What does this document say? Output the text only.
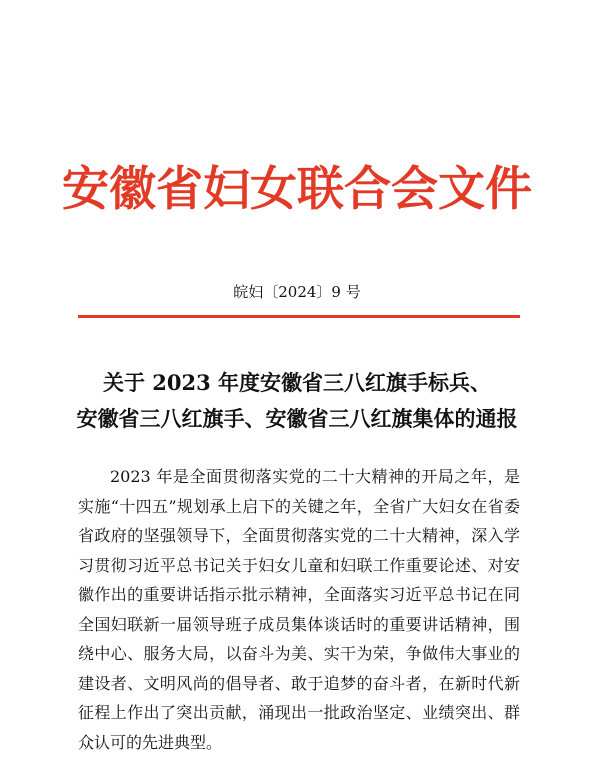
安徽省妇女联合会文件
皖妇〔2024〕9 号
关于 2023 年度安徽省三八红旗手标兵、
安徽省三八红旗手、安徽省三八红旗集体的通报

2023 年是全面贯彻落实党的二十大精神的开局之年，是实施“十四五”规划承上启下的关键之年，全省广大妇女在省委省政府的坚强领导下，全面贯彻落实党的二十大精神，深入学习贯彻习近平总书记关于妇女儿童和妇联工作重要论述、对安徽作出的重要讲话指示批示精神，全面落实习近平总书记在同全国妇联新一届领导班子成员集体谈话时的重要讲话精神，围绕中心、服务大局，以奋斗为美、实干为荣，争做伟大事业的建设者、文明风尚的倡导者、敢于追梦的奋斗者，在新时代新征程上作出了突出贡献，涌现出一批政治坚定、业绩突出、群众认可的先进典型。
